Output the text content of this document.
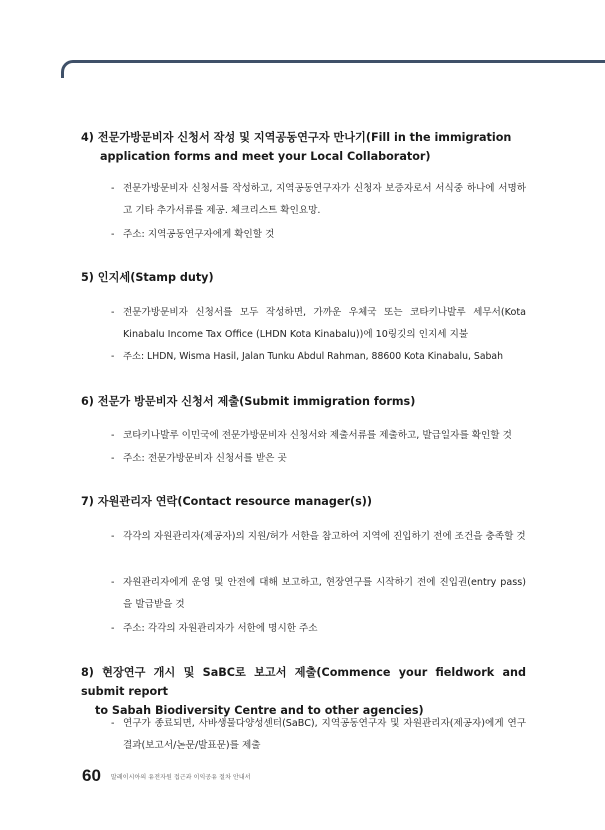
4) 전문가방문비자 신청서 작성 및 지역공동연구자 만나기(Fill in the immigration
application forms and meet your Local Collaborator)
- 전문가방문비자 신청서를 작성하고, 지역공동연구자가 신청자 보증자로서 서식중 하나에 서명하고 기타 추가서류를 제공. 체크리스트 확인요망.
- 주소: 지역공동연구자에게 확인할 것
5) 인지세(Stamp duty)
- 전문가방문비자 신청서를 모두 작성하면, 가까운 우체국 또는 코타키나발루 세무서(Kota Kinabalu Income Tax Office (LHDN Kota Kinabalu))에 10링깃의 인지세 지불
- 주소: LHDN, Wisma Hasil, Jalan Tunku Abdul Rahman, 88600 Kota Kinabalu, Sabah
6) 전문가 방문비자 신청서 제출(Submit immigration forms)
- 코타키나발루 이민국에 전문가방문비자 신청서와 제출서류를 제출하고, 발급일자를 확인할 것
- 주소: 전문가방문비자 신청서를 받은 곳
7) 자원관리자 연락(Contact resource manager(s))
- 각각의 자원관리자(제공자)의 지원/허가 서한을 참고하여 지역에 진입하기 전에 조건을 충족할 것
- 자원관리자에게 운영 및 안전에 대해 보고하고, 현장연구를 시작하기 전에 진입권(entry pass)을 발급받을 것
- 주소: 각각의 자원관리자가 서한에 명시한 주소
8) 현장연구 개시 및 SaBC로 보고서 제출(Commence your fieldwork and submit report
to Sabah Biodiversity Centre and to other agencies)
- 연구가 종료되면, 사바생물다양성센터(SaBC), 지역공동연구자 및 자원관리자(제공자)에게 연구결과(보고서/논문/발표문)를 제출
60 말레이시아의 유전자원 접근과 이익공유 절차 안내서
